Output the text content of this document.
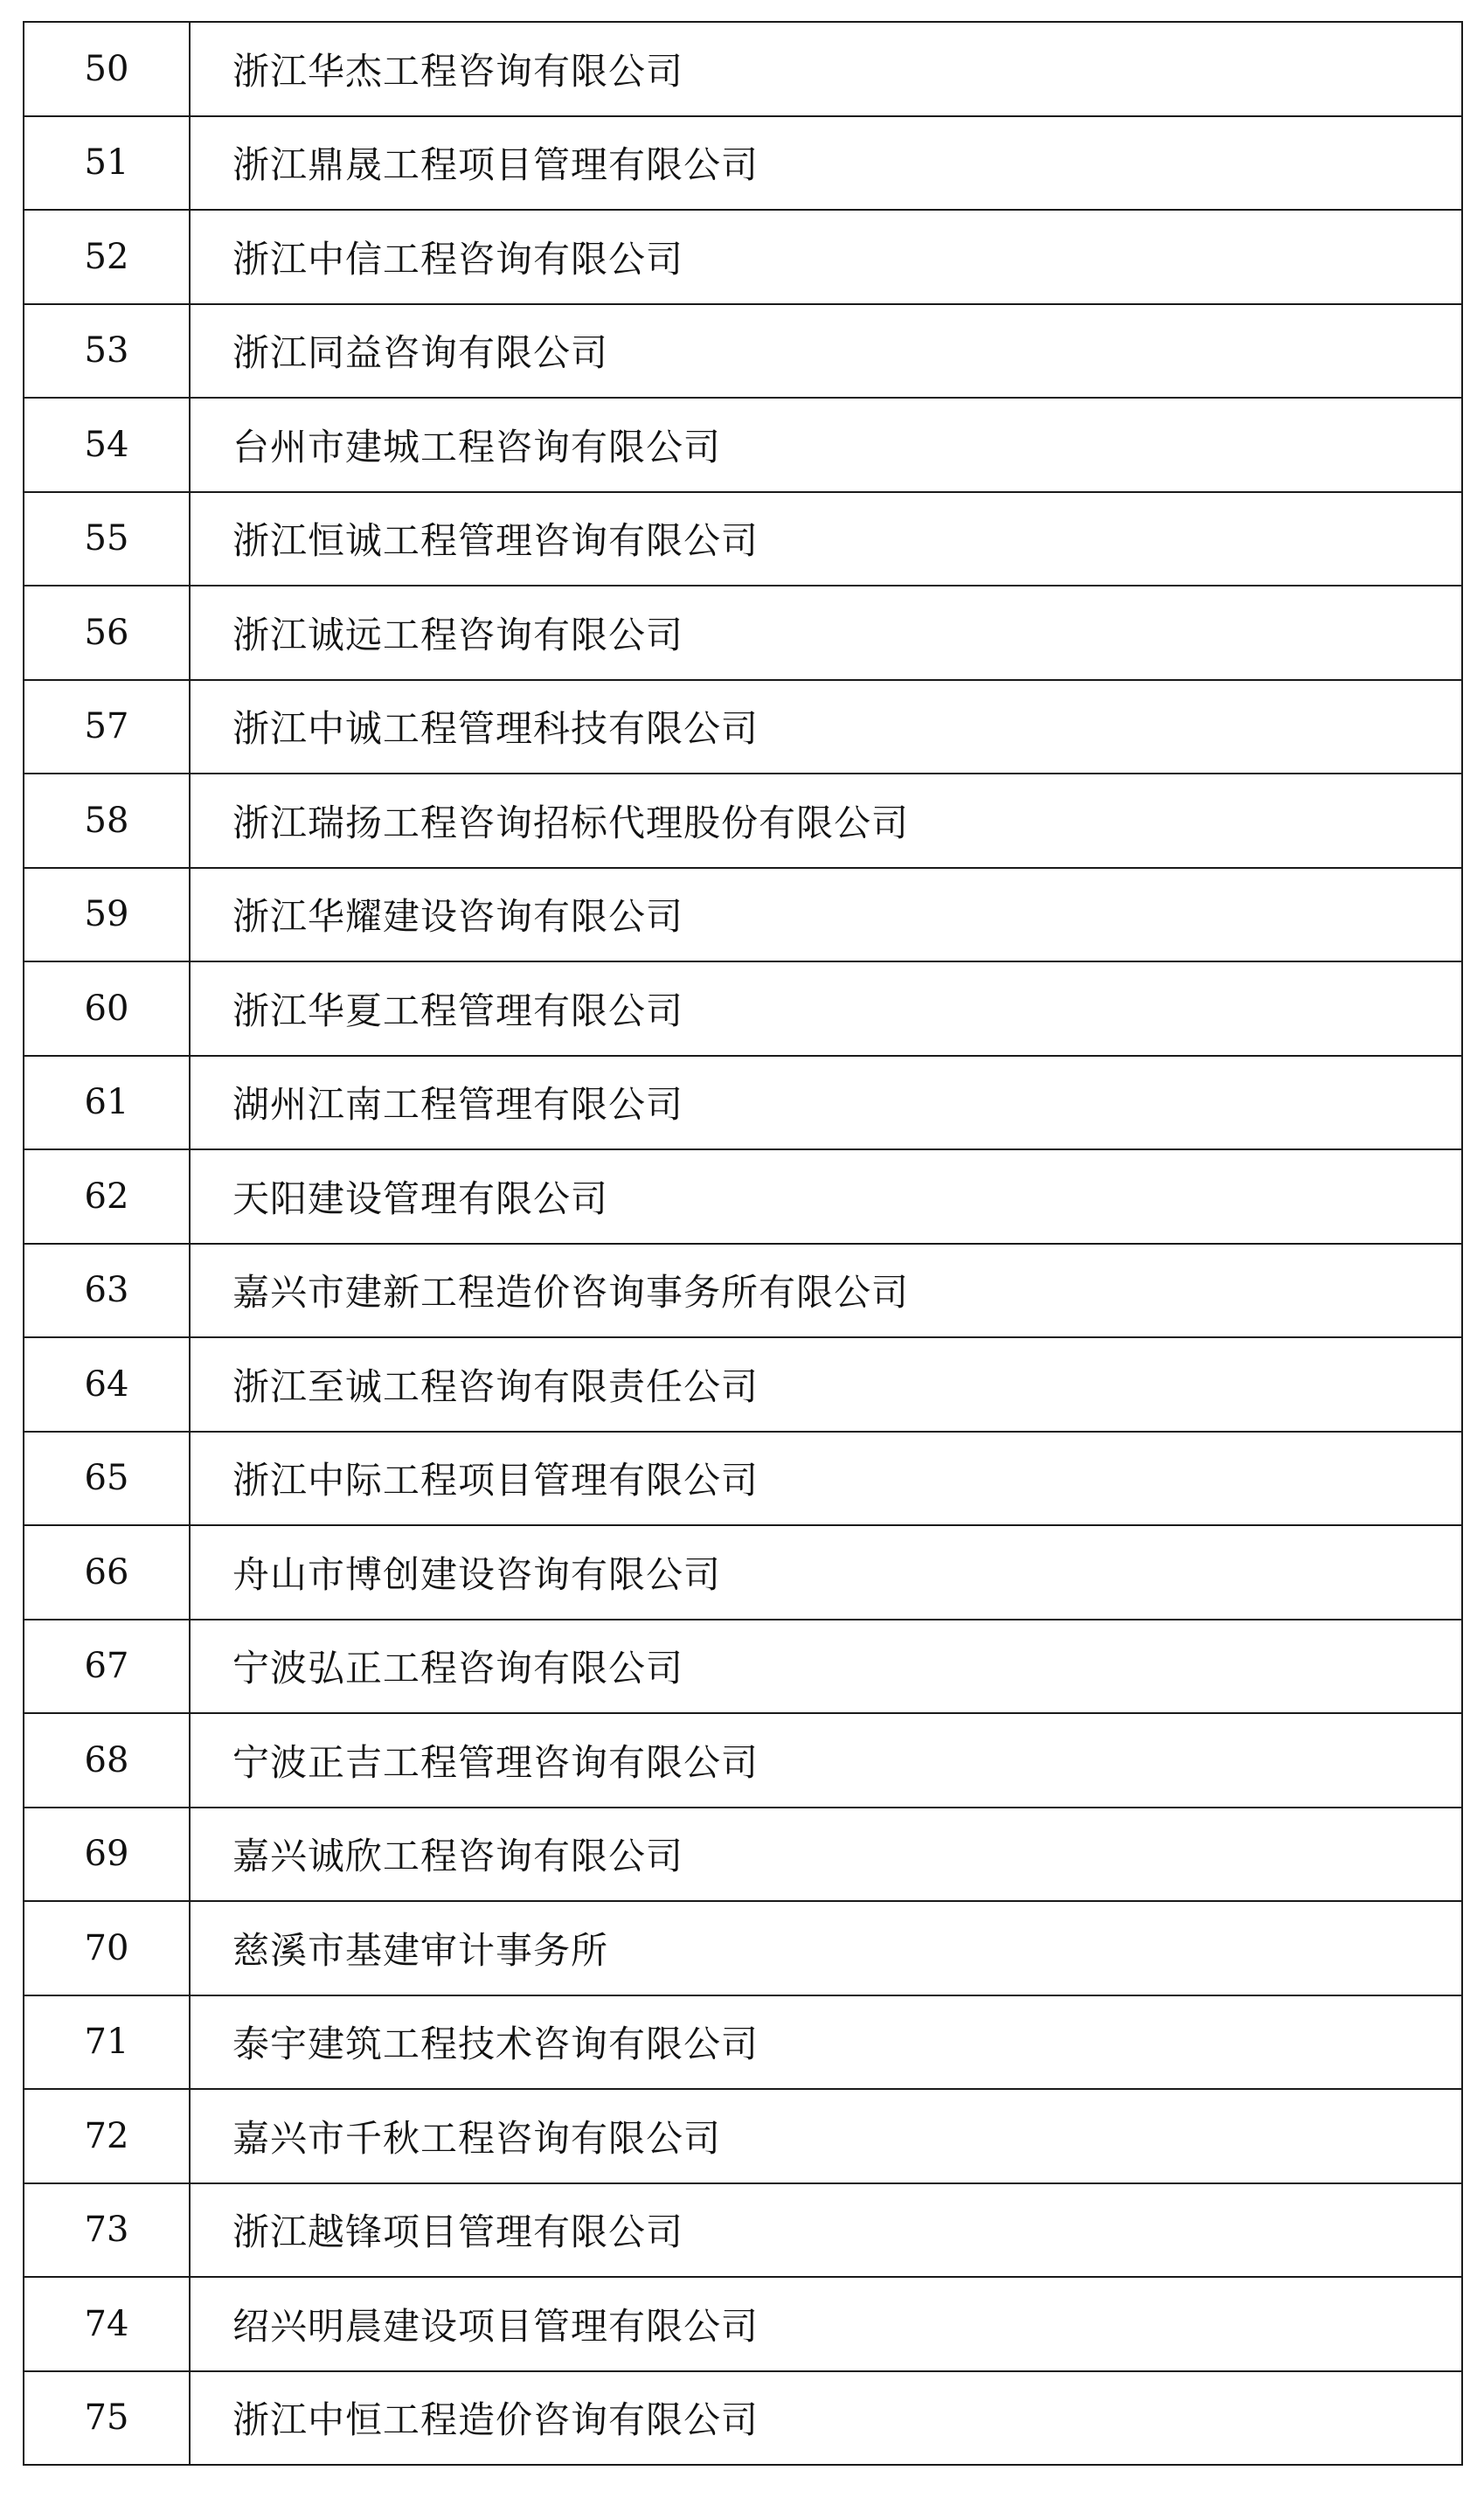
50	浙江华杰工程咨询有限公司
51	浙江鼎晟工程项目管理有限公司
52	浙江中信工程咨询有限公司
53	浙江同益咨询有限公司
54	台州市建城工程咨询有限公司
55	浙江恒诚工程管理咨询有限公司
56	浙江诚远工程咨询有限公司
57	浙江中诚工程管理科技有限公司
58	浙江瑞扬工程咨询招标代理股份有限公司
59	浙江华耀建设咨询有限公司
60	浙江华夏工程管理有限公司
61	湖州江南工程管理有限公司
62	天阳建设管理有限公司
63	嘉兴市建新工程造价咨询事务所有限公司
64	浙江至诚工程咨询有限责任公司
65	浙江中际工程项目管理有限公司
66	舟山市博创建设咨询有限公司
67	宁波弘正工程咨询有限公司
68	宁波正吉工程管理咨询有限公司
69	嘉兴诚欣工程咨询有限公司
70	慈溪市基建审计事务所
71	泰宇建筑工程技术咨询有限公司
72	嘉兴市千秋工程咨询有限公司
73	浙江越锋项目管理有限公司
74	绍兴明晨建设项目管理有限公司
75	浙江中恒工程造价咨询有限公司
